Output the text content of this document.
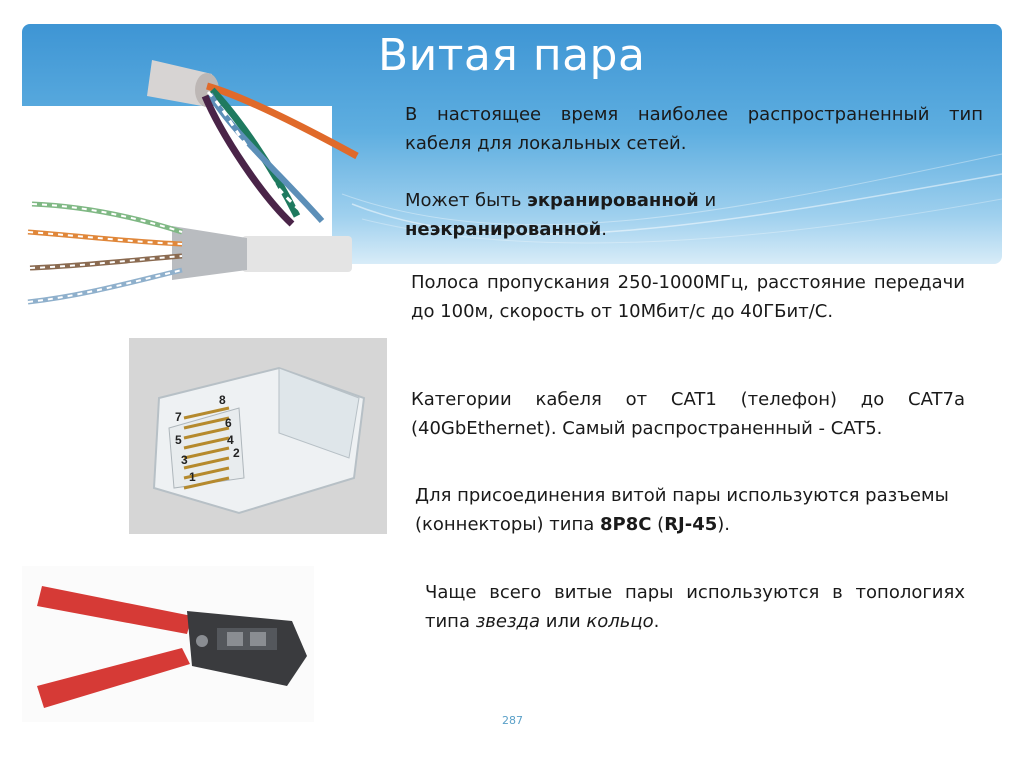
Витая пара
8
7	6
5	4
3	2
1
В настоящее время наиболее распространенный тип кабеля для локальных сетей.
Может быть экранированной и
неэкранированной.
Полоса пропускания 250-1000МГц, расстояние передачи до 100м, скорость от 10Мбит/с до 40ГБит/С.
Категории кабеля от CAT1 (телефон) до CAT7a (40GbEthernet). Самый распространенный - CAT5.
Для присоединения витой пары используются разъемы (коннекторы) типа 8P8C (RJ-45).
Чаще всего витые пары используются в топологиях типа звезда или кольцо.
287
